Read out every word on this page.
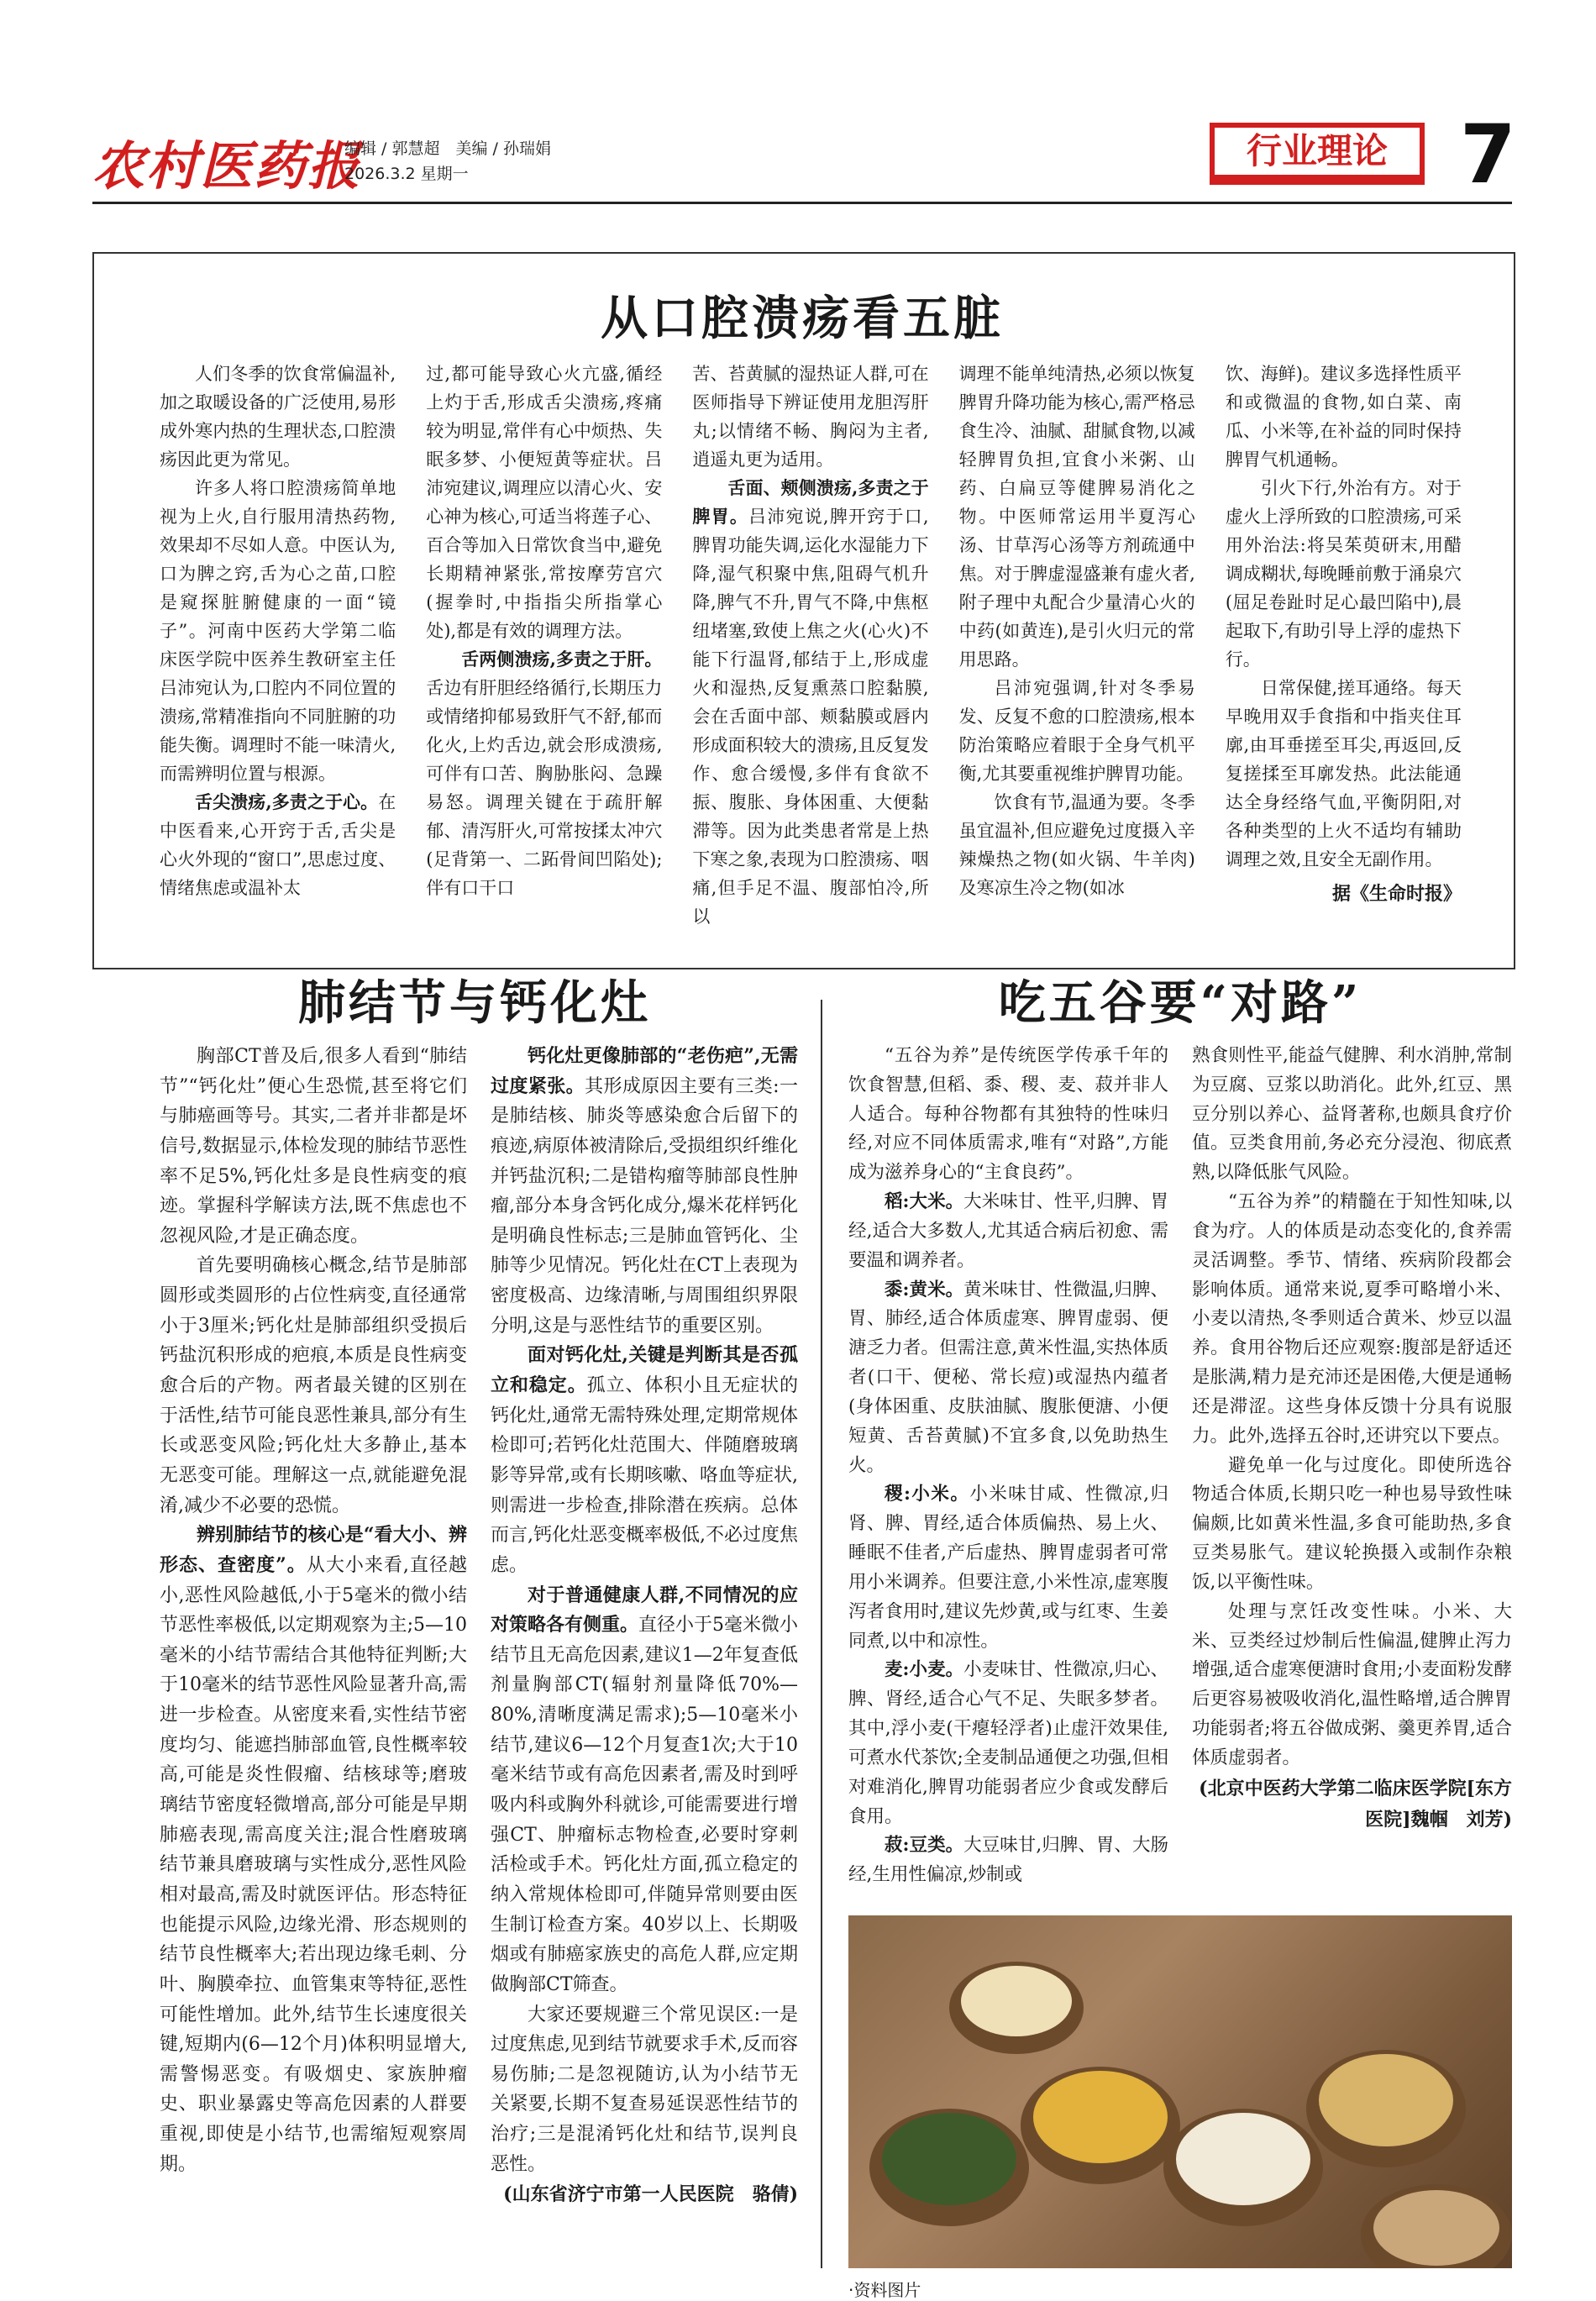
农村医药报
编辑 / 郭慧超　美编 / 孙瑞娟
2026.3.2 星期一
行业理论 7
从口腔溃疡看五脏

人们冬季的饮食常偏温补,加之取暖设备的广泛使用,易形成外寒内热的生理状态,口腔溃疡因此更为常见。

许多人将口腔溃疡简单地视为上火,自行服用清热药物,效果却不尽如人意。中医认为,口为脾之窍,舌为心之苗,口腔是窥探脏腑健康的一面“镜子”。河南中医药大学第二临床医学院中医养生教研室主任吕沛宛认为,口腔内不同位置的溃疡,常精准指向不同脏腑的功能失衡。调理时不能一味清火,而需辨明位置与根源。

舌尖溃疡,多责之于心。在中医看来,心开窍于舌,舌尖是心火外现的“窗口”,思虑过度、情绪焦虑或温补太

过,都可能导致心火亢盛,循经上灼于舌,形成舌尖溃疡,疼痛较为明显,常伴有心中烦热、失眠多梦、小便短黄等症状。吕沛宛建议,调理应以清心火、安心神为核心,可适当将莲子心、百合等加入日常饮食当中,避免长期精神紧张,常按摩劳宫穴(握拳时,中指指尖所指掌心处),都是有效的调理方法。

舌两侧溃疡,多责之于肝。舌边有肝胆经络循行,长期压力或情绪抑郁易致肝气不舒,郁而化火,上灼舌边,就会形成溃疡,可伴有口苦、胸胁胀闷、急躁易怒。调理关键在于疏肝解郁、清泻肝火,可常按揉太冲穴(足背第一、二跖骨间凹陷处);伴有口干口

苦、苔黄腻的湿热证人群,可在医师指导下辨证使用龙胆泻肝丸;以情绪不畅、胸闷为主者,逍遥丸更为适用。

舌面、颊侧溃疡,多责之于脾胃。吕沛宛说,脾开窍于口,脾胃功能失调,运化水湿能力下降,湿气积聚中焦,阻碍气机升降,脾气不升,胃气不降,中焦枢纽堵塞,致使上焦之火(心火)不能下行温肾,郁结于上,形成虚火和湿热,反复熏蒸口腔黏膜,会在舌面中部、颊黏膜或唇内形成面积较大的溃疡,且反复发作、愈合缓慢,多伴有食欲不振、腹胀、身体困重、大便黏滞等。因为此类患者常是上热下寒之象,表现为口腔溃疡、咽痛,但手足不温、腹部怕冷,所以

调理不能单纯清热,必须以恢复脾胃升降功能为核心,需严格忌食生冷、油腻、甜腻食物,以减轻脾胃负担,宜食小米粥、山药、白扁豆等健脾易消化之物。中医师常运用半夏泻心汤、甘草泻心汤等方剂疏通中焦。对于脾虚湿盛兼有虚火者,附子理中丸配合少量清心火的中药(如黄连),是引火归元的常用思路。

吕沛宛强调,针对冬季易发、反复不愈的口腔溃疡,根本防治策略应着眼于全身气机平衡,尤其要重视维护脾胃功能。

饮食有节,温通为要。冬季虽宜温补,但应避免过度摄入辛辣燥热之物(如火锅、牛羊肉)及寒凉生冷之物(如冰

饮、海鲜)。建议多选择性质平和或微温的食物,如白菜、南瓜、小米等,在补益的同时保持脾胃气机通畅。

引火下行,外治有方。对于虚火上浮所致的口腔溃疡,可采用外治法:将吴茱萸研末,用醋调成糊状,每晚睡前敷于涌泉穴(屈足卷趾时足心最凹陷中),晨起取下,有助引导上浮的虚热下行。

日常保健,搓耳通络。每天早晚用双手食指和中指夹住耳廓,由耳垂搓至耳尖,再返回,反复搓揉至耳廓发热。此法能通达全身经络气血,平衡阴阳,对各种类型的上火不适均有辅助调理之效,且安全无副作用。

据《生命时报》
肺结节与钙化灶

胸部CT普及后,很多人看到“肺结节”“钙化灶”便心生恐慌,甚至将它们与肺癌画等号。其实,二者并非都是坏信号,数据显示,体检发现的肺结节恶性率不足5%,钙化灶多是良性病变的痕迹。掌握科学解读方法,既不焦虑也不忽视风险,才是正确态度。

首先要明确核心概念,结节是肺部圆形或类圆形的占位性病变,直径通常小于3厘米;钙化灶是肺部组织受损后钙盐沉积形成的疤痕,本质是良性病变愈合后的产物。两者最关键的区别在于活性,结节可能良恶性兼具,部分有生长或恶变风险;钙化灶大多静止,基本无恶变可能。理解这一点,就能避免混淆,减少不必要的恐慌。

辨别肺结节的核心是“看大小、辨形态、查密度”。从大小来看,直径越小,恶性风险越低,小于5毫米的微小结节恶性率极低,以定期观察为主;5—10毫米的小结节需结合其他特征判断;大于10毫米的结节恶性风险显著升高,需进一步检查。从密度来看,实性结节密度均匀、能遮挡肺部血管,良性概率较高,可能是炎性假瘤、结核球等;磨玻璃结节密度轻微增高,部分可能是早期肺癌表现,需高度关注;混合性磨玻璃结节兼具磨玻璃与实性成分,恶性风险相对最高,需及时就医评估。形态特征也能提示风险,边缘光滑、形态规则的结节良性概率大;若出现边缘毛刺、分叶、胸膜牵拉、血管集束等特征,恶性可能性增加。此外,结节生长速度很关键,短期内(6—12个月)体积明显增大,需警惕恶变。有吸烟史、家族肿瘤史、职业暴露史等高危因素的人群要重视,即使是小结节,也需缩短观察周期。

钙化灶更像肺部的“老伤疤”,无需过度紧张。其形成原因主要有三类:一是肺结核、肺炎等感染愈合后留下的痕迹,病原体被清除后,受损组织纤维化并钙盐沉积;二是错构瘤等肺部良性肿瘤,部分本身含钙化成分,爆米花样钙化是明确良性标志;三是肺血管钙化、尘肺等少见情况。钙化灶在CT上表现为密度极高、边缘清晰,与周围组织界限分明,这是与恶性结节的重要区别。

面对钙化灶,关键是判断其是否孤立和稳定。孤立、体积小且无症状的钙化灶,通常无需特殊处理,定期常规体检即可;若钙化灶范围大、伴随磨玻璃影等异常,或有长期咳嗽、咯血等症状,则需进一步检查,排除潜在疾病。总体而言,钙化灶恶变概率极低,不必过度焦虑。

对于普通健康人群,不同情况的应对策略各有侧重。直径小于5毫米微小结节且无高危因素,建议1—2年复查低剂量胸部CT(辐射剂量降低70%—80%,清晰度满足需求);5—10毫米小结节,建议6—12个月复查1次;大于10毫米结节或有高危因素者,需及时到呼吸内科或胸外科就诊,可能需要进行增强CT、肿瘤标志物检查,必要时穿刺活检或手术。钙化灶方面,孤立稳定的纳入常规体检即可,伴随异常则要由医生制订检查方案。40岁以上、长期吸烟或有肺癌家族史的高危人群,应定期做胸部CT筛查。

大家还要规避三个常见误区:一是过度焦虑,见到结节就要求手术,反而容易伤肺;二是忽视随访,认为小结节无关紧要,长期不复查易延误恶性结节的治疗;三是混淆钙化灶和结节,误判良恶性。

(山东省济宁市第一人民医院　骆倩)
吃五谷要“对路”

“五谷为养”是传统医学传承千年的饮食智慧,但稻、黍、稷、麦、菽并非人人适合。每种谷物都有其独特的性味归经,对应不同体质需求,唯有“对路”,方能成为滋养身心的“主食良药”。

稻:大米。大米味甘、性平,归脾、胃经,适合大多数人,尤其适合病后初愈、需要温和调养者。

黍:黄米。黄米味甘、性微温,归脾、胃、肺经,适合体质虚寒、脾胃虚弱、便溏乏力者。但需注意,黄米性温,实热体质者(口干、便秘、常长痘)或湿热内蕴者(身体困重、皮肤油腻、腹胀便溏、小便短黄、舌苔黄腻)不宜多食,以免助热生火。

稷:小米。小米味甘咸、性微凉,归肾、脾、胃经,适合体质偏热、易上火、睡眠不佳者,产后虚热、脾胃虚弱者可常用小米调养。但要注意,小米性凉,虚寒腹泻者食用时,建议先炒黄,或与红枣、生姜同煮,以中和凉性。

麦:小麦。小麦味甘、性微凉,归心、脾、肾经,适合心气不足、失眠多梦者。其中,浮小麦(干瘪轻浮者)止虚汗效果佳,可煮水代茶饮;全麦制品通便之功强,但相对难消化,脾胃功能弱者应少食或发酵后食用。

菽:豆类。大豆味甘,归脾、胃、大肠经,生用性偏凉,炒制或

熟食则性平,能益气健脾、利水消肿,常制为豆腐、豆浆以助消化。此外,红豆、黑豆分别以养心、益肾著称,也颇具食疗价值。豆类食用前,务必充分浸泡、彻底煮熟,以降低胀气风险。

“五谷为养”的精髓在于知性知味,以食为疗。人的体质是动态变化的,食养需灵活调整。季节、情绪、疾病阶段都会影响体质。通常来说,夏季可略增小米、小麦以清热,冬季则适合黄米、炒豆以温养。食用谷物后还应观察:腹部是舒适还是胀满,精力是充沛还是困倦,大便是通畅还是滞涩。这些身体反馈十分具有说服力。此外,选择五谷时,还讲究以下要点。

避免单一化与过度化。即使所选谷物适合体质,长期只吃一种也易导致性味偏颇,比如黄米性温,多食可能助热,多食豆类易胀气。建议轮换摄入或制作杂粮饭,以平衡性味。

处理与烹饪改变性味。小米、大米、豆类经过炒制后性偏温,健脾止泻力增强,适合虚寒便溏时食用;小麦面粉发酵后更容易被吸收消化,温性略增,适合脾胃功能弱者;将五谷做成粥、羹更养胃,适合体质虚弱者。

(北京中医药大学第二临床医学院[东方医院]魏帼　刘芳)
·资料图片
